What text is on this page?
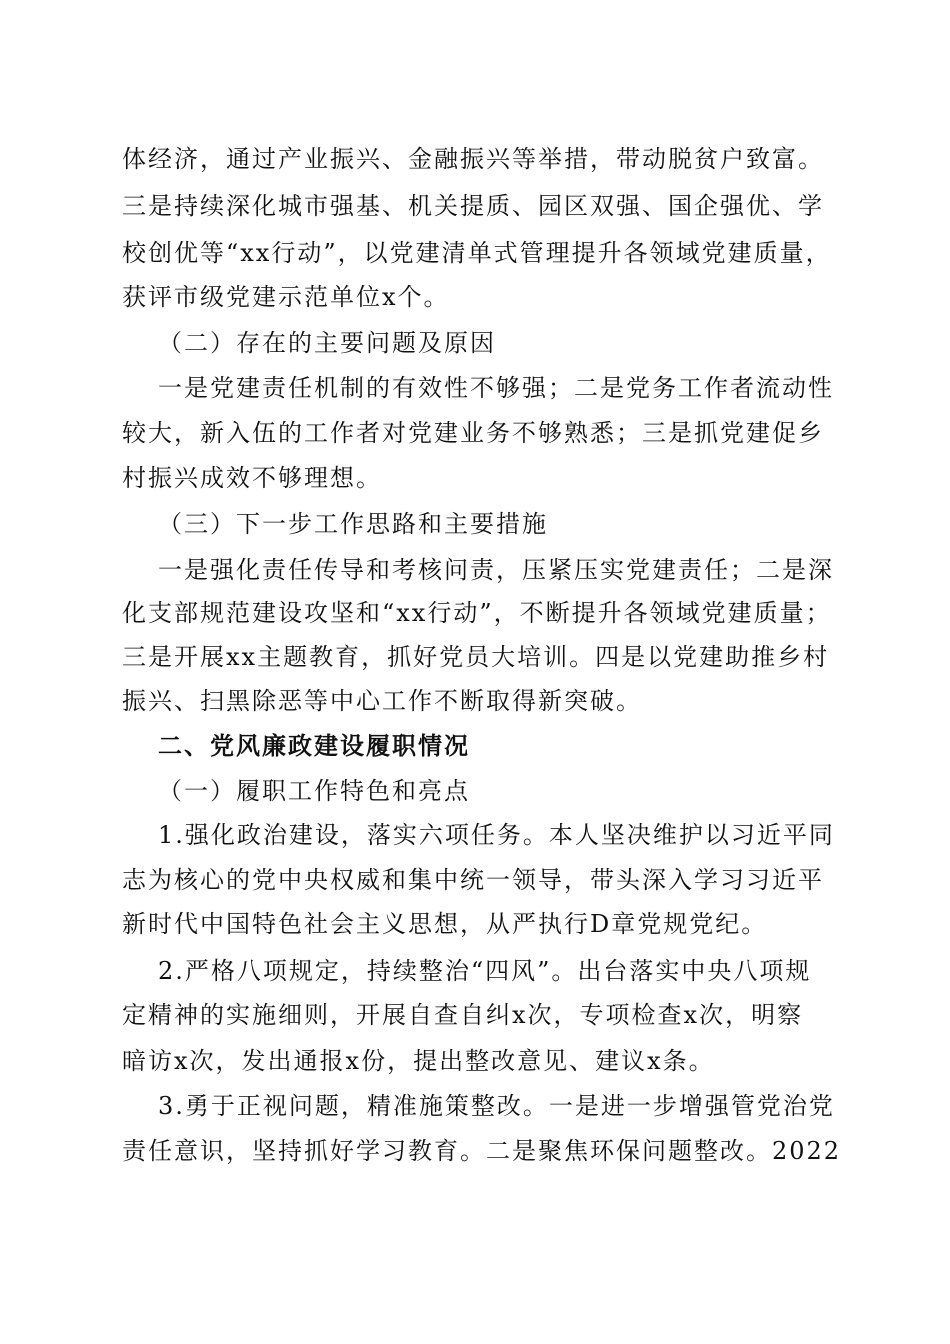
体经济，通过产业振兴、金融振兴等举措，带动脱贫户致富。
三是持续深化城市强基、机关提质、园区双强、国企强优、学
校创优等“xx行动”，以党建清单式管理提升各领域党建质量，
获评市级党建示范单位x个。
（二）存在的主要问题及原因
一是党建责任机制的有效性不够强；二是党务工作者流动性
较大，新入伍的工作者对党建业务不够熟悉；三是抓党建促乡
村振兴成效不够理想。
（三）下一步工作思路和主要措施
一是强化责任传导和考核问责，压紧压实党建责任；二是深
化支部规范建设攻坚和“xx行动”，不断提升各领域党建质量；
三是开展xx主题教育，抓好党员大培训。四是以党建助推乡村
振兴、扫黑除恶等中心工作不断取得新突破。
二、党风廉政建设履职情况
（一）履职工作特色和亮点
1.强化政治建设，落实六项任务。本人坚决维护以习近平同
志为核心的党中央权威和集中统一领导，带头深入学习习近平
新时代中国特色社会主义思想，从严执行D章党规党纪。
2.严格八项规定，持续整治“四风”。出台落实中央八项规
定精神的实施细则，开展自查自纠x次，专项检查x次，明察
暗访x次，发出通报x份，提出整改意见、建议x条。
3.勇于正视问题，精准施策整改。一是进一步增强管党治党
责任意识，坚持抓好学习教育。二是聚焦环保问题整改。2022
